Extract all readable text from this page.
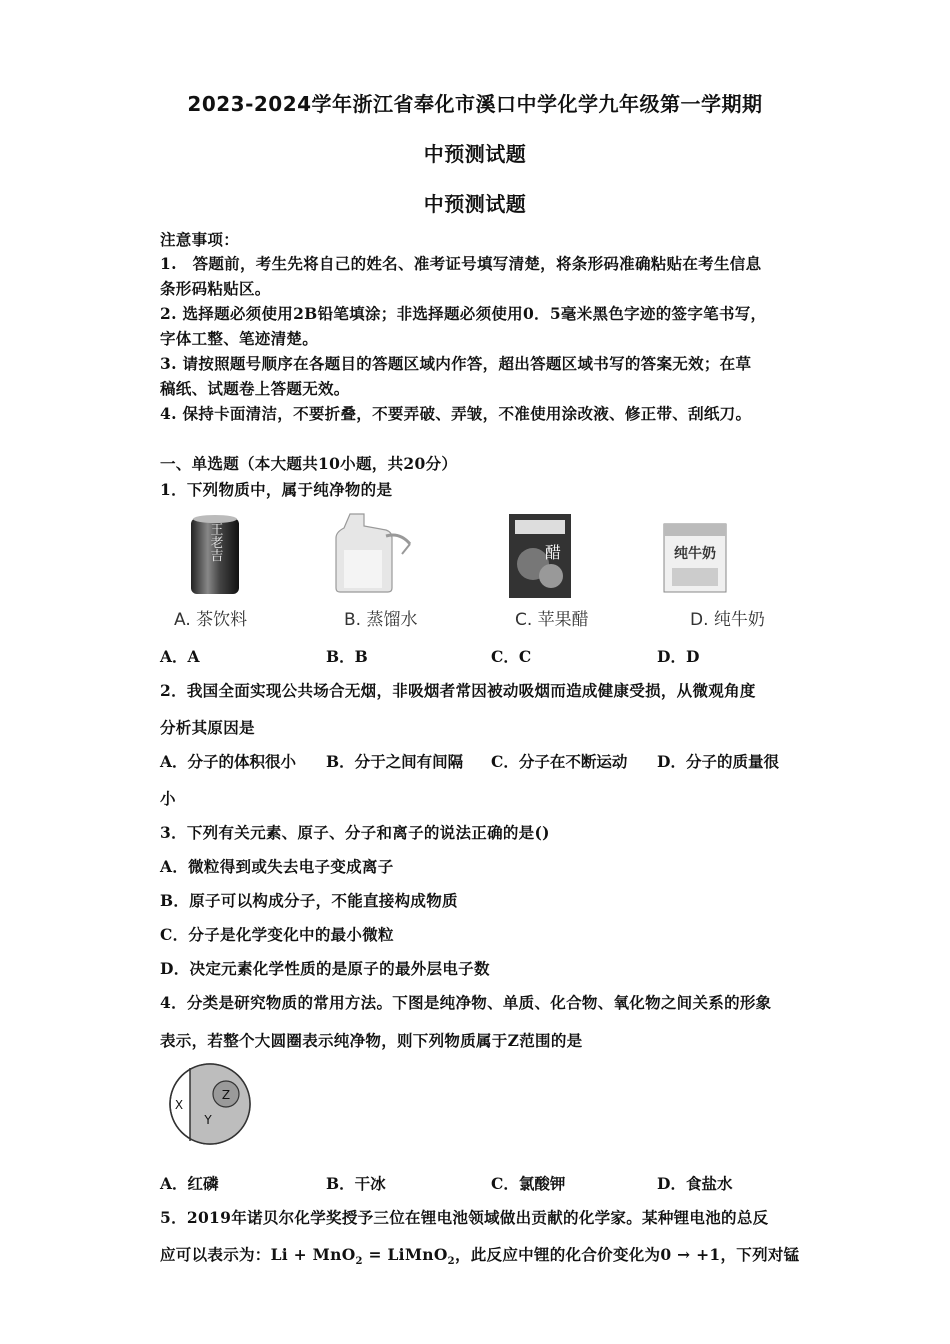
2023-2024学年浙江省奉化市溪口中学化学九年级第一学期期
中预测试题
中预测试题
注意事项：
1.　答题前，考生先将自己的姓名、准考证号填写清楚，将条形码准确粘贴在考生信息
条形码粘贴区。
2. 选择题必须使用2B铅笔填涂；非选择题必须使用0．5毫米黑色字迹的签字笔书写，
字体工整、笔迹清楚。
3. 请按照题号顺序在各题目的答题区域内作答，超出答题区域书写的答案无效；在草
稿纸、试题卷上答题无效。
4. 保持卡面清洁，不要折叠，不要弄破、弄皱，不准使用涂改液、修正带、刮纸刀。
一、单选题（本大题共10小题，共20分）
1．下列物质中，属于纯净物的是
王老吉	醋	纯牛奶
A. 茶饮料	B. 蒸馏水	C. 苹果醋	D. 纯牛奶
A．A	B．B	C．C	D．D
2．我国全面实现公共场合无烟，非吸烟者常因被动吸烟而造成健康受损，从微观角度
分析其原因是
A．分子的体积很小 B．分于之间有间隔 C．分子在不断运动 D．分子的质量很
小
3．下列有关元素、原子、分子和离子的说法正确的是()
A．微粒得到或失去电子变成离子
B．原子可以构成分子，不能直接构成物质
C．分子是化学变化中的最小微粒
D．决定元素化学性质的是原子的最外层电子数
4．分类是研究物质的常用方法。下图是纯净物、单质、化合物、氧化物之间关系的形象
表示，若整个大圆圈表示纯净物，则下列物质属于Z范围的是
Z
X
Y
A．红磷	B．干冰	C．氯酸钾	D．食盐水
5．2019年诺贝尔化学奖授予三位在锂电池领域做出贡献的化学家。某种锂电池的总反
应可以表示为：Li + MnO$_2$ = LiMnO$_2$，此反应中锂的化合价变化为0 → +1，下列对锰
